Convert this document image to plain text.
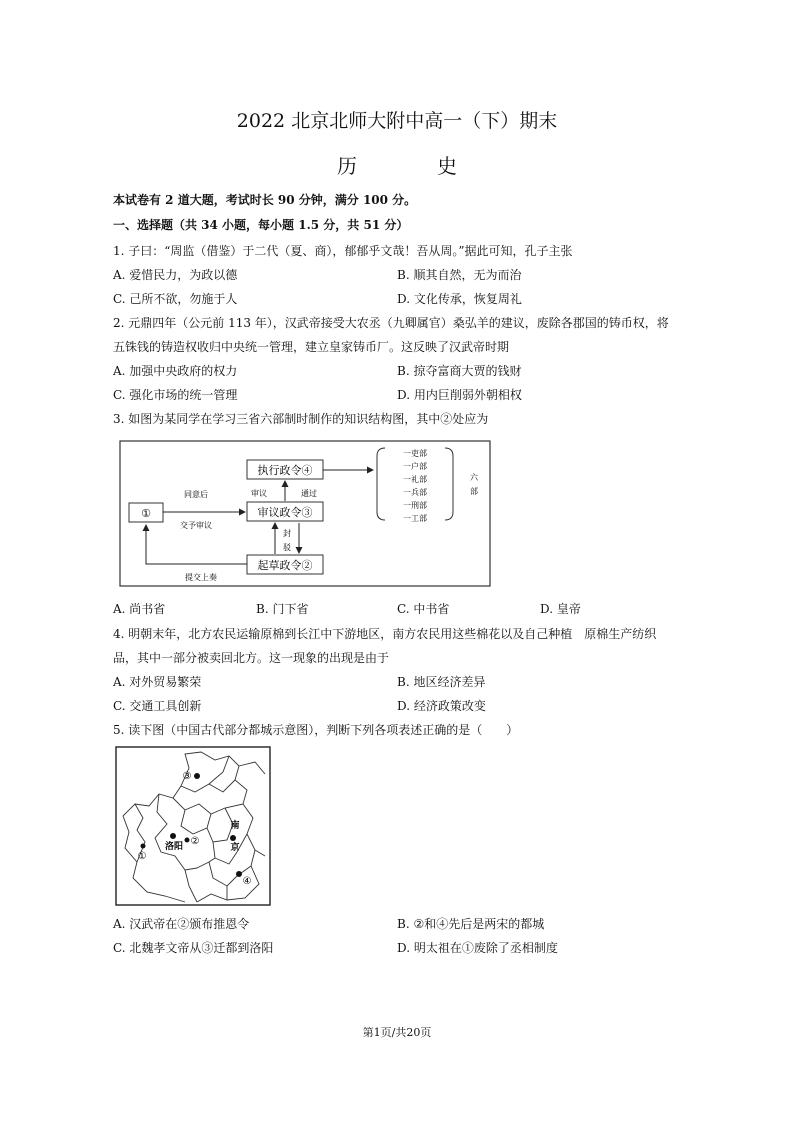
2022 北京北师大附中高一（下）期末
历　史
本试卷有 2 道大题，考试时长 90 分钟，满分 100 分。
一、选择题（共 34 小题，每小题 1.5 分，共 51 分）
1. 子曰：“周监（借鉴）于二代（夏、商），郁郁乎文哉！吾从周。”据此可知，孔子主张
A. 爱惜民力，为政以德	B. 顺其自然，无为而治
C. 己所不欲，勿施于人	D. 文化传承，恢复周礼
2. 元鼎四年（公元前 113 年），汉武帝接受大农丞（九卿属官）桑弘羊的建议，废除各郡国的铸币权，将
五铢钱的铸造权收归中央统一管理，建立皇家铸币厂。这反映了汉武帝时期
A. 加强中央政府的权力	B. 掠夺富商大贾的钱财
C. 强化市场的统一管理	D. 用内巨削弱外朝相权
3. 如图为某同学在学习三省六部制时制作的知识结构图，其中②处应为
①
执行政令④
审议政令③
起草政令②
同意后
交予审议
审议	通过
封
驳
提交上奏
一吏部
一户部
一礼部
一兵部
一刑部
一工部
六
部
A. 尚书省	B. 门下省	C. 中书省	D. 皇帝
4. 明朝末年，北方农民运输原棉到长江中下游地区，南方农民用这些棉花以及自己种植　原棉生产纺织
品，其中一部分被卖回北方。这一现象的出现是由于
A. 对外贸易繁荣	B. 地区经济差异
C. 交通工具创新	D. 经济政策改变
5. 读下图（中国古代部分都城示意图），判断下列各项表述正确的是（　　）
③
①
洛阳 ②
南
京
④
A. 汉武帝在②颁布推恩令	B. ②和④先后是两宋的都城
C. 北魏孝文帝从③迁都到洛阳	D. 明太祖在①废除了丞相制度
第1页/共20页
